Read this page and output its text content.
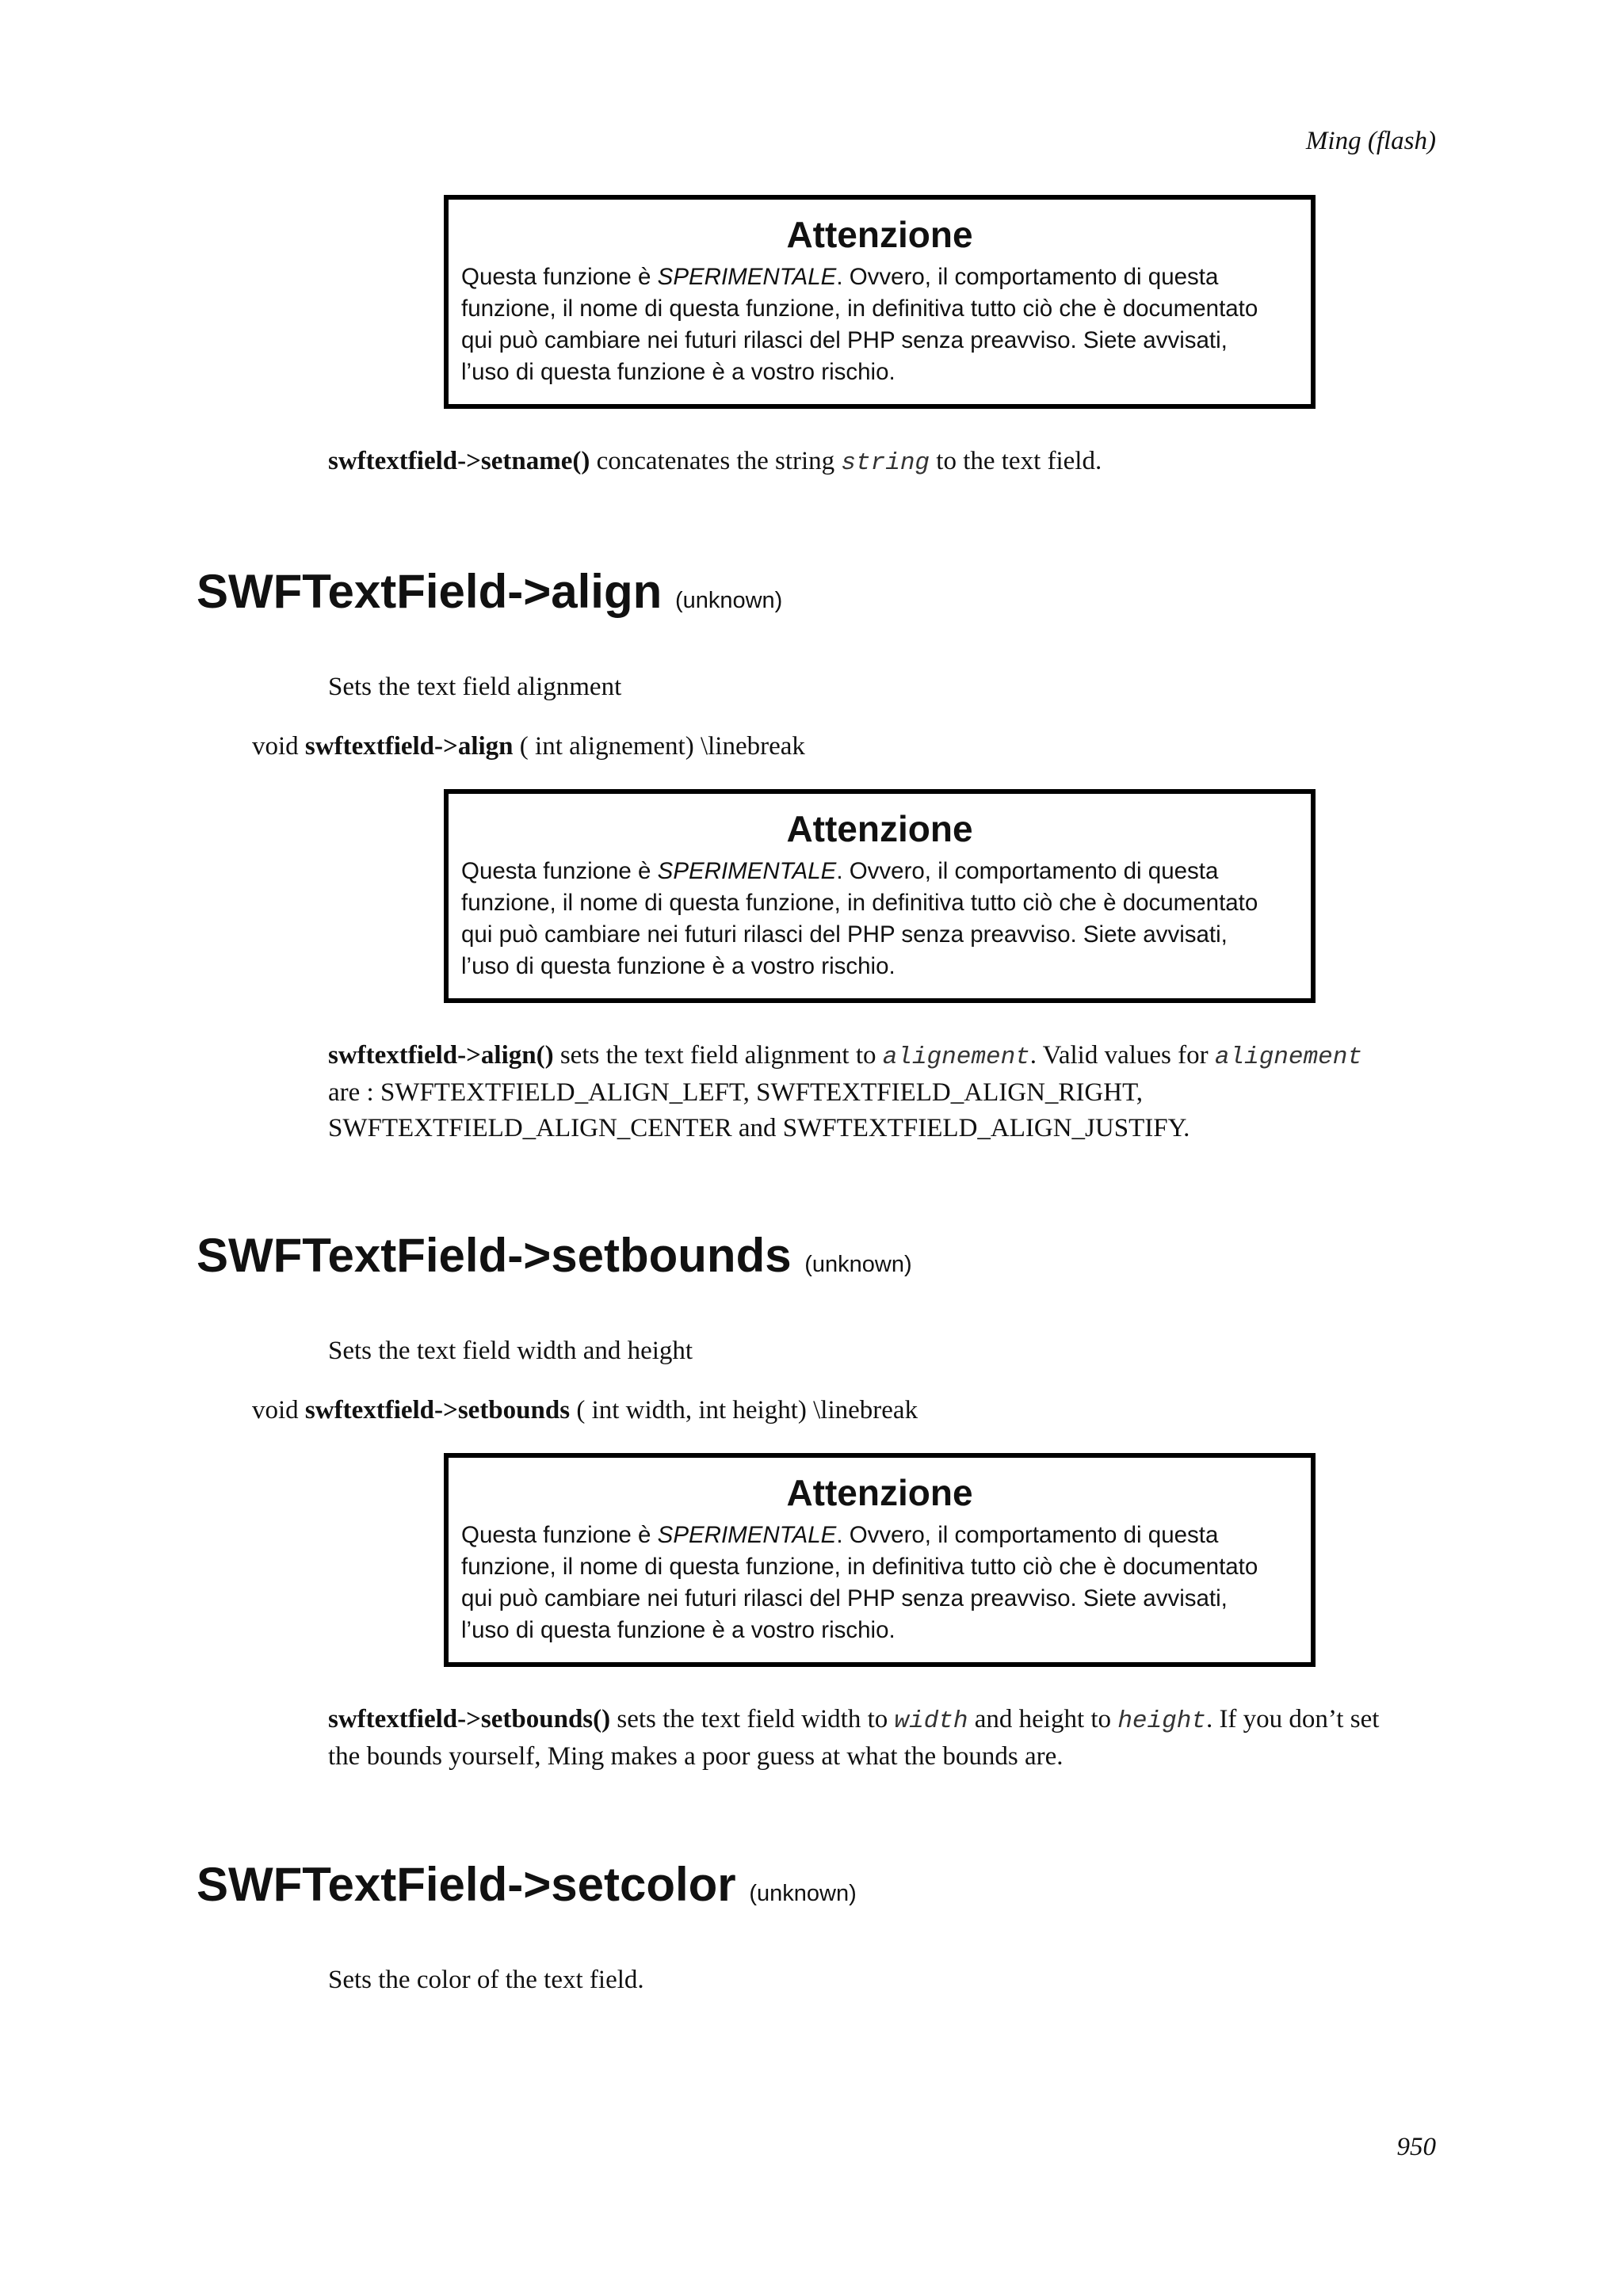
Ming (flash)
Attenzione
Questa funzione è SPERIMENTALE. Ovvero, il comportamento di questa
funzione, il nome di questa funzione, in definitiva tutto ciò che è documentato
qui può cambiare nei futuri rilasci del PHP senza preavviso. Siete avvisati,
l’uso di questa funzione è a vostro rischio.
swftextfield->setname() concatenates the string string to the text field.
SWFTextField->align (unknown)
Sets the text field alignment
void swftextfield->align ( int alignement) \linebreak
Attenzione
Questa funzione è SPERIMENTALE. Ovvero, il comportamento di questa
funzione, il nome di questa funzione, in definitiva tutto ciò che è documentato
qui può cambiare nei futuri rilasci del PHP senza preavviso. Siete avvisati,
l’uso di questa funzione è a vostro rischio.
swftextfield->align() sets the text field alignment to alignement. Valid values for alignement
are : SWFTEXTFIELD_ALIGN_LEFT, SWFTEXTFIELD_ALIGN_RIGHT,
SWFTEXTFIELD_ALIGN_CENTER and SWFTEXTFIELD_ALIGN_JUSTIFY.
SWFTextField->setbounds (unknown)
Sets the text field width and height
void swftextfield->setbounds ( int width, int height) \linebreak
Attenzione
Questa funzione è SPERIMENTALE. Ovvero, il comportamento di questa
funzione, il nome di questa funzione, in definitiva tutto ciò che è documentato
qui può cambiare nei futuri rilasci del PHP senza preavviso. Siete avvisati,
l’uso di questa funzione è a vostro rischio.
swftextfield->setbounds() sets the text field width to width and height to height. If you don’t set
the bounds yourself, Ming makes a poor guess at what the bounds are.
SWFTextField->setcolor (unknown)
Sets the color of the text field.
950
